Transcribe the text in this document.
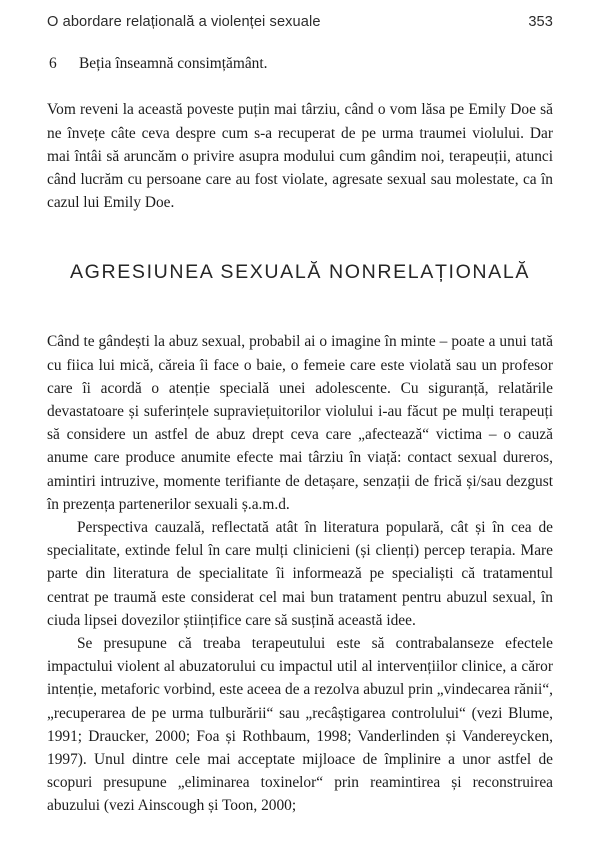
O abordare relațională a violenței sexuale	353
6	Beția înseamnă consimțământ.

Vom reveni la această poveste puțin mai târziu, când o vom lăsa pe Emily Doe să ne învețe câte ceva despre cum s-a recuperat de pe urma traumei violului. Dar mai întâi să aruncăm o privire asupra modului cum gândim noi, terapeuții, atunci când lucrăm cu persoane care au fost violate, agresate sexual sau molestate, ca în cazul lui Emily Doe.

AGRESIUNEA SEXUALĂ NONRELAȚIONALĂ

Când te gândești la abuz sexual, probabil ai o imagine în minte – poate a unui tată cu fiica lui mică, căreia îi face o baie, o femeie care este violată sau un profesor care îi acordă o atenție specială unei adolescente. Cu siguranță, relatările devastatoare și suferințele supraviețuitorilor violului i-au făcut pe mulți terapeuți să considere un astfel de abuz drept ceva care „afectează“ victima – o cauză anume care produce anumite efecte mai târziu în viață: contact sexual dureros, amintiri intruzive, momente terifiante de detașare, senzații de frică și/sau dezgust în prezența partenerilor sexuali ș.a.m.d.

Perspectiva cauzală, reflectată atât în literatura populară, cât și în cea de specialitate, extinde felul în care mulți clinicieni (și clienți) percep terapia. Mare parte din literatura de specialitate îi informează pe specialiști că tratamentul centrat pe traumă este considerat cel mai bun tratament pentru abuzul sexual, în ciuda lipsei dovezilor științifice care să susțină această idee.

Se presupune că treaba terapeutului este să contrabalanseze efectele impactului violent al abuzatorului cu impactul util al intervențiilor clinice, a căror intenție, metaforic vorbind, este aceea de a rezolva abuzul prin „vindecarea rănii“, „recuperarea de pe urma tulburării“ sau „recâștigarea controlului“ (vezi Blume, 1991; Draucker, 2000; Foa și Rothbaum, 1998; Vanderlinden și Vandereycken, 1997). Unul dintre cele mai acceptate mijloace de împlinire a unor astfel de scopuri presupune „eliminarea toxinelor“ prin reamintirea și reconstruirea abuzului (vezi Ainscough și Toon, 2000;
